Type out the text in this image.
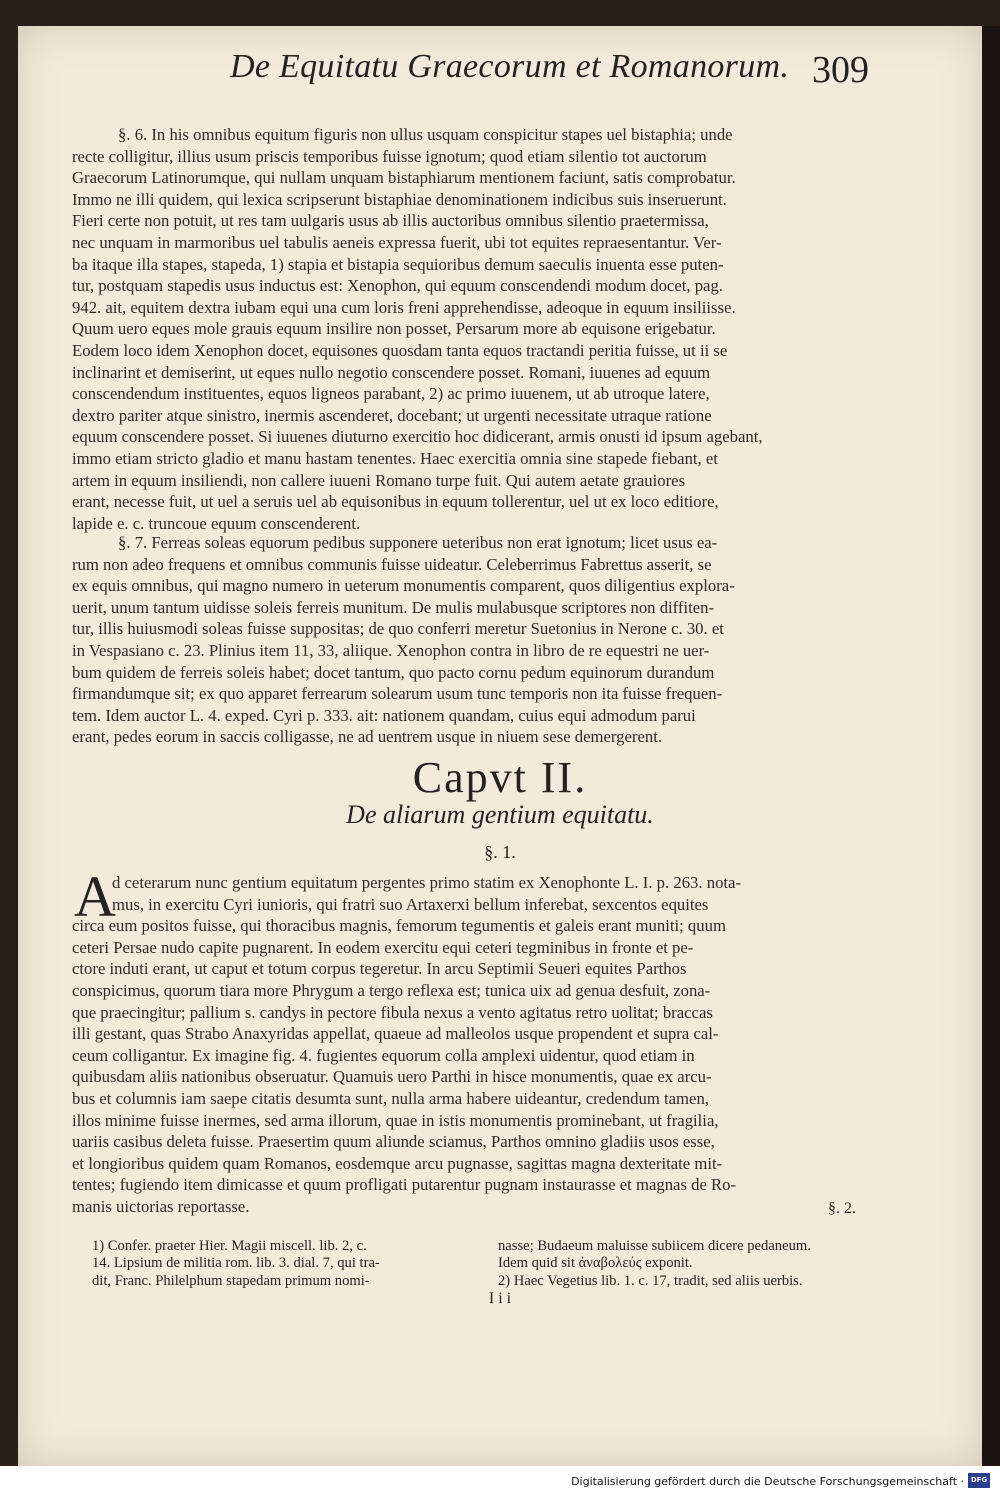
De Equitatu Graecorum et Romanorum. 309
§. 6. In his omnibus equitum figuris non ullus usquam conspicitur stapes uel bistaphia; unde
recte colligitur, illius usum priscis temporibus fuisse ignotum; quod etiam silentio tot auctorum
Graecorum Latinorumque, qui nullam unquam bistaphiarum mentionem faciunt, satis comprobatur.
Immo ne illi quidem, qui lexica scripserunt bistaphiae denominationem indicibus suis inseruerunt.
Fieri certe non potuit, ut res tam uulgaris usus ab illis auctoribus omnibus silentio praetermissa,
nec unquam in marmoribus uel tabulis aeneis expressa fuerit, ubi tot equites repraesentantur. Ver-
ba itaque illa stapes, stapeda, 1) stapia et bistapia sequioribus demum saeculis inuenta esse puten-
tur, postquam stapedis usus inductus est: Xenophon, qui equum conscendendi modum docet, pag.
942. ait, equitem dextra iubam equi una cum loris freni apprehendisse, adeoque in equum insiliisse.
Quum uero eques mole grauis equum insilire non posset, Persarum more ab equisone erigebatur.
Eodem loco idem Xenophon docet, equisones quosdam tanta equos tractandi peritia fuisse, ut ii se
inclinarint et demiserint, ut eques nullo negotio conscendere posset. Romani, iuuenes ad equum
conscendendum instituentes, equos ligneos parabant, 2) ac primo iuuenem, ut ab utroque latere,
dextro pariter atque sinistro, inermis ascenderet, docebant; ut urgenti necessitate utraque ratione
equum conscendere posset. Si iuuenes diuturno exercitio hoc didicerant, armis onusti id ipsum agebant,
immo etiam stricto gladio et manu hastam tenentes. Haec exercitia omnia sine stapede fiebant, et
artem in equum insiliendi, non callere iuueni Romano turpe fuit. Qui autem aetate grauiores
erant, necesse fuit, ut uel a seruis uel ab equisonibus in equum tollerentur, uel ut ex loco editiore,
lapide e. c. truncoue equum conscenderent.
§. 7. Ferreas soleas equorum pedibus supponere ueteribus non erat ignotum; licet usus ea-
rum non adeo frequens et omnibus communis fuisse uideatur. Celeberrimus Fabrettus asserit, se
ex equis omnibus, qui magno numero in ueterum monumentis comparent, quos diligentius explora-
uerit, unum tantum uidisse soleis ferreis munitum. De mulis mulabusque scriptores non diffiten-
tur, illis huiusmodi soleas fuisse suppositas; de quo conferri meretur Suetonius in Nerone c. 30. et
in Vespasiano c. 23. Plinius item 11, 33, aliique. Xenophon contra in libro de re equestri ne uer-
bum quidem de ferreis soleis habet; docet tantum, quo pacto cornu pedum equinorum durandum
firmandumque sit; ex quo apparet ferrearum solearum usum tunc temporis non ita fuisse frequen-
tem. Idem auctor L. 4. exped. Cyri p. 333. ait: nationem quandam, cuius equi admodum parui
erant, pedes eorum in saccis colligasse, ne ad uentrem usque in niuem sese demergerent.
Capvt II.
De aliarum gentium equitatu.
§. 1.
A
d ceterarum nunc gentium equitatum pergentes primo statim ex Xenophonte L. I. p. 263. nota-
mus, in exercitu Cyri iunioris, qui fratri suo Artaxerxi bellum inferebat, sexcentos equites
circa eum positos fuisse, qui thoracibus magnis, femorum tegumentis et galeis erant muniti; quum
ceteri Persae nudo capite pugnarent. In eodem exercitu equi ceteri tegminibus in fronte et pe-
ctore induti erant, ut caput et totum corpus tegeretur. In arcu Septimii Seueri equites Parthos
conspicimus, quorum tiara more Phrygum a tergo reflexa est; tunica uix ad genua desfuit, zona-
que praecingitur; pallium s. candys in pectore fibula nexus a vento agitatus retro uolitat; braccas
illi gestant, quas Strabo Anaxyridas appellat, quaeue ad malleolos usque propendent et supra cal-
ceum colligantur. Ex imagine fig. 4. fugientes equorum colla amplexi uidentur, quod etiam in
quibusdam aliis nationibus obseruatur. Quamuis uero Parthi in hisce monumentis, quae ex arcu-
bus et columnis iam saepe citatis desumta sunt, nulla arma habere uideantur, credendum tamen,
illos minime fuisse inermes, sed arma illorum, quae in istis monumentis prominebant, ut fragilia,
uariis casibus deleta fuisse. Praesertim quum aliunde sciamus, Parthos omnino gladiis usos esse,
et longioribus quidem quam Romanos, eosdemque arcu pugnasse, sagittas magna dexteritate mit-
tentes; fugiendo item dimicasse et quum profligati putarentur pugnam instaurasse et magnas de Ro-
manis uictorias reportasse.	§. 2.
1) Confer. praeter Hier. Magii miscell. lib. 2, c.
14. Lipsium de militia rom. lib. 3. dial. 7, qui tra-
dit, Franc. Philelphum stapedam primum nomi-
nasse; Budaeum maluisse subiicem dicere pedaneum.
Idem quid sit ἀναβολεύς exponit.
2) Haec Vegetius lib. 1. c. 17, tradit, sed aliis uerbis.
I i i
Digitalisierung gefördert durch die Deutsche Forschungsgemeinschaft · DFG
